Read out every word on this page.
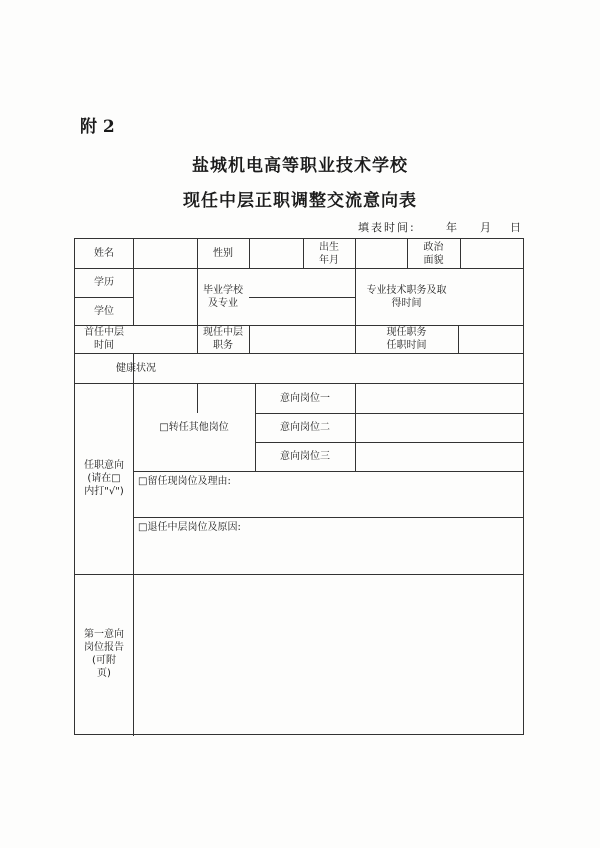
附 2
盐城机电高等职业技术学校
现任中层正职调整交流意向表
填表时间:	年 月 日
姓名	性别
出生
年月
政治
面貌
学历
学位
毕业学校
及专业
专业技术职务及取
得时间
首任中层
时间
现任中层
职务
现任职务
任职时间
健康状况
任职意向
(请在□
内打"√")
□转任其他岗位
意向岗位一
意向岗位二
意向岗位三
□留任现岗位及理由:
□退任中层岗位及原因:
第一意向
岗位报告
(可附
页)
